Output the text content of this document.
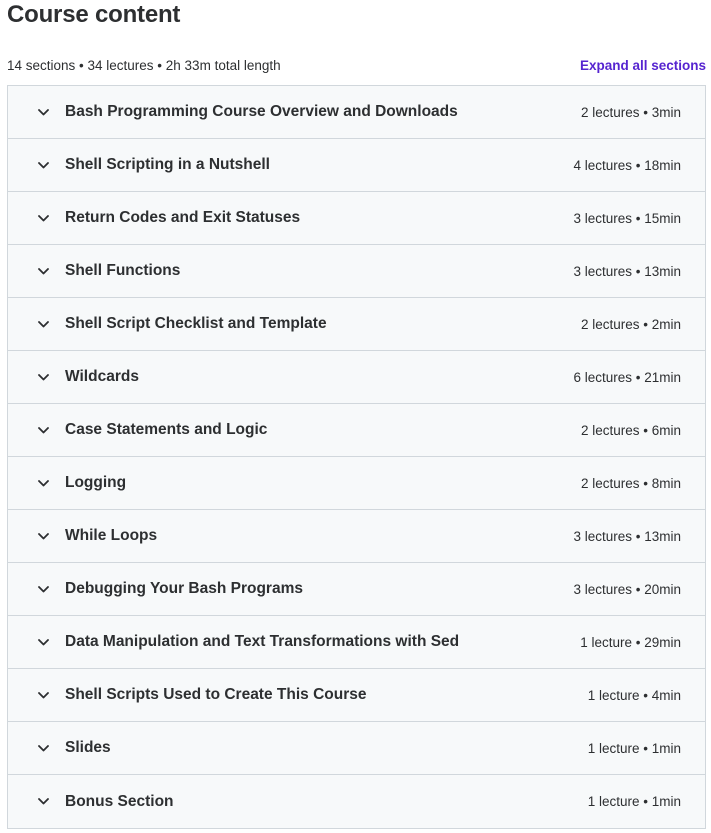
Course content
14 sections • 34 lectures • 2h 33m total length	Expand all sections
Bash Programming Course Overview and Downloads	2 lectures • 3min
Shell Scripting in a Nutshell	4 lectures • 18min
Return Codes and Exit Statuses	3 lectures • 15min
Shell Functions	3 lectures • 13min
Shell Script Checklist and Template	2 lectures • 2min
Wildcards	6 lectures • 21min
Case Statements and Logic	2 lectures • 6min
Logging	2 lectures • 8min
While Loops	3 lectures • 13min
Debugging Your Bash Programs	3 lectures • 20min
Data Manipulation and Text Transformations with Sed	1 lecture • 29min
Shell Scripts Used to Create This Course	1 lecture • 4min
Slides	1 lecture • 1min
Bonus Section	1 lecture • 1min
